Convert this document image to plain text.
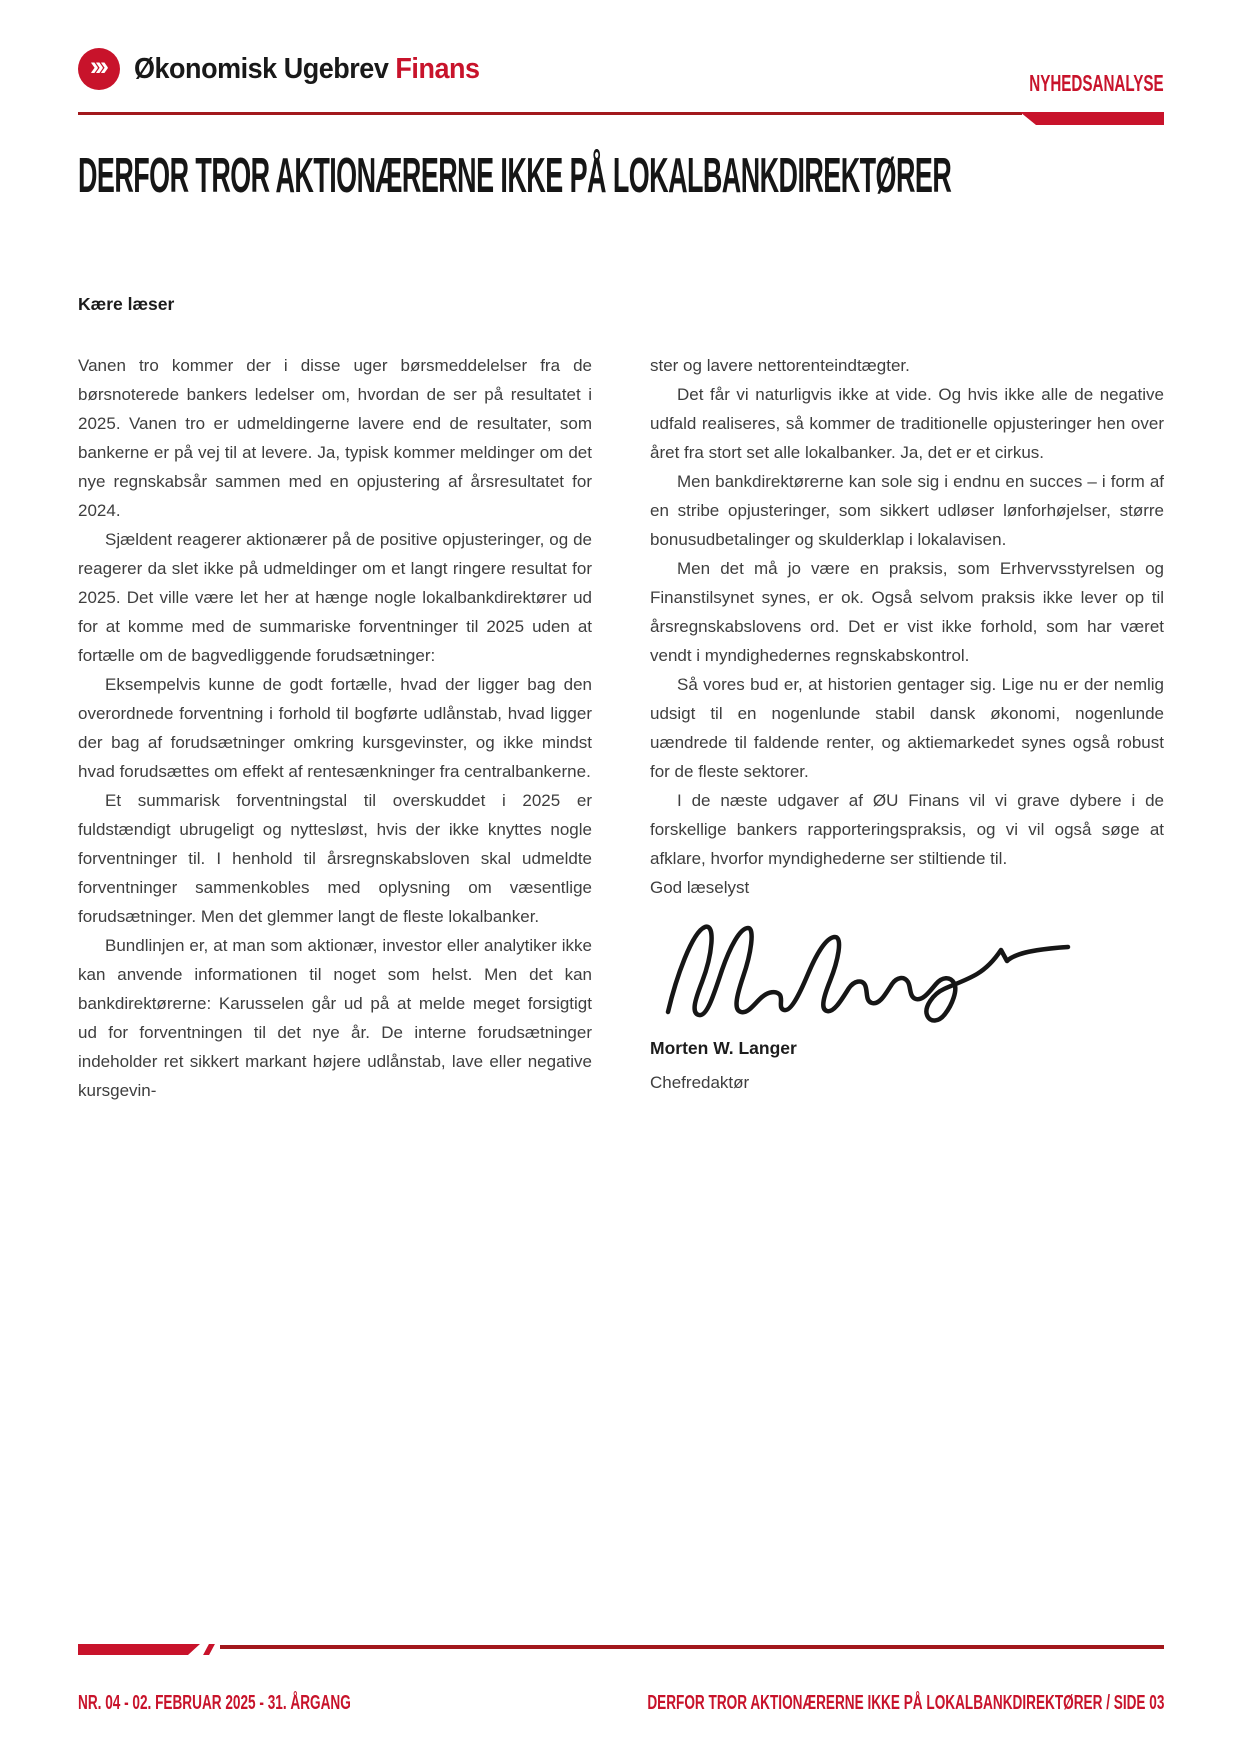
››› Økonomisk Ugebrev Finans	NYHEDSANALYSE
DERFOR TROR AKTIONÆRERNE IKKE PÅ LOKALBANKDIREKTØRER
Kære læser

Vanen tro kommer der i disse uger børsmeddelelser fra de børsnoterede bankers ledelser om, hvordan de ser på resultatet i 2025. Vanen tro er udmeldingerne lavere end de resultater, som bankerne er på vej til at levere. Ja, typisk kommer meldinger om det nye regnskabsår sammen med en opjustering af årsresultatet for 2024.

Sjældent reagerer aktionærer på de positive opjusteringer, og de reagerer da slet ikke på udmeldinger om et langt ringere resultat for 2025. Det ville være let her at hænge nogle lokalbankdirektører ud for at komme med de summariske forventninger til 2025 uden at fortælle om de bagvedliggende forudsætninger:

Eksempelvis kunne de godt fortælle, hvad der ligger bag den overordnede forventning i forhold til bogførte udlånstab, hvad ligger der bag af forudsætninger omkring kursgevinster, og ikke mindst hvad forudsættes om effekt af rentesænkninger fra centralbankerne.

Et summarisk forventningstal til overskuddet i 2025 er fuldstændigt ubrugeligt og nyttesløst, hvis der ikke knyttes nogle forventninger til. I henhold til årsregnskabsloven skal udmeldte forventninger sammenkobles med oplysning om væsentlige forudsætninger. Men det glemmer langt de fleste lokalbanker.

Bundlinjen er, at man som aktionær, investor eller analytiker ikke kan anvende informationen til noget som helst. Men det kan bankdirektørerne: Karusselen går ud på at melde meget forsigtigt ud for forventningen til det nye år. De interne forudsætninger indeholder ret sikkert markant højere udlånstab, lave eller negative kursgevin-

ster og lavere nettorenteindtægter.

Det får vi naturligvis ikke at vide. Og hvis ikke alle de negative udfald realiseres, så kommer de traditionelle opjusteringer hen over året fra stort set alle lokalbanker. Ja, det er et cirkus.

Men bankdirektørerne kan sole sig i endnu en succes – i form af en stribe opjusteringer, som sikkert udløser lønforhøjelser, større bonusudbetalinger og skulderklap i lokalavisen.

Men det må jo være en praksis, som Erhvervsstyrelsen og Finanstilsynet synes, er ok. Også selvom praksis ikke lever op til årsregnskabslovens ord. Det er vist ikke forhold, som har været vendt i myndighedernes regnskabskontrol.

Så vores bud er, at historien gentager sig. Lige nu er der nemlig udsigt til en nogenlunde stabil dansk økonomi, nogenlunde uændrede til faldende renter, og aktiemarkedet synes også robust for de fleste sektorer.

I de næste udgaver af ØU Finans vil vi grave dybere i de forskellige bankers rapporteringspraksis, og vi vil også søge at afklare, hvorfor myndighederne ser stiltiende til.

God læselyst

Morten W. Langer
Chefredaktør
NR. 04 - 02. FEBRUAR 2025 - 31. ÅRGANG	DERFOR TROR AKTIONÆRERNE IKKE PÅ LOKALBANKDIREKTØRER / SIDE 03
